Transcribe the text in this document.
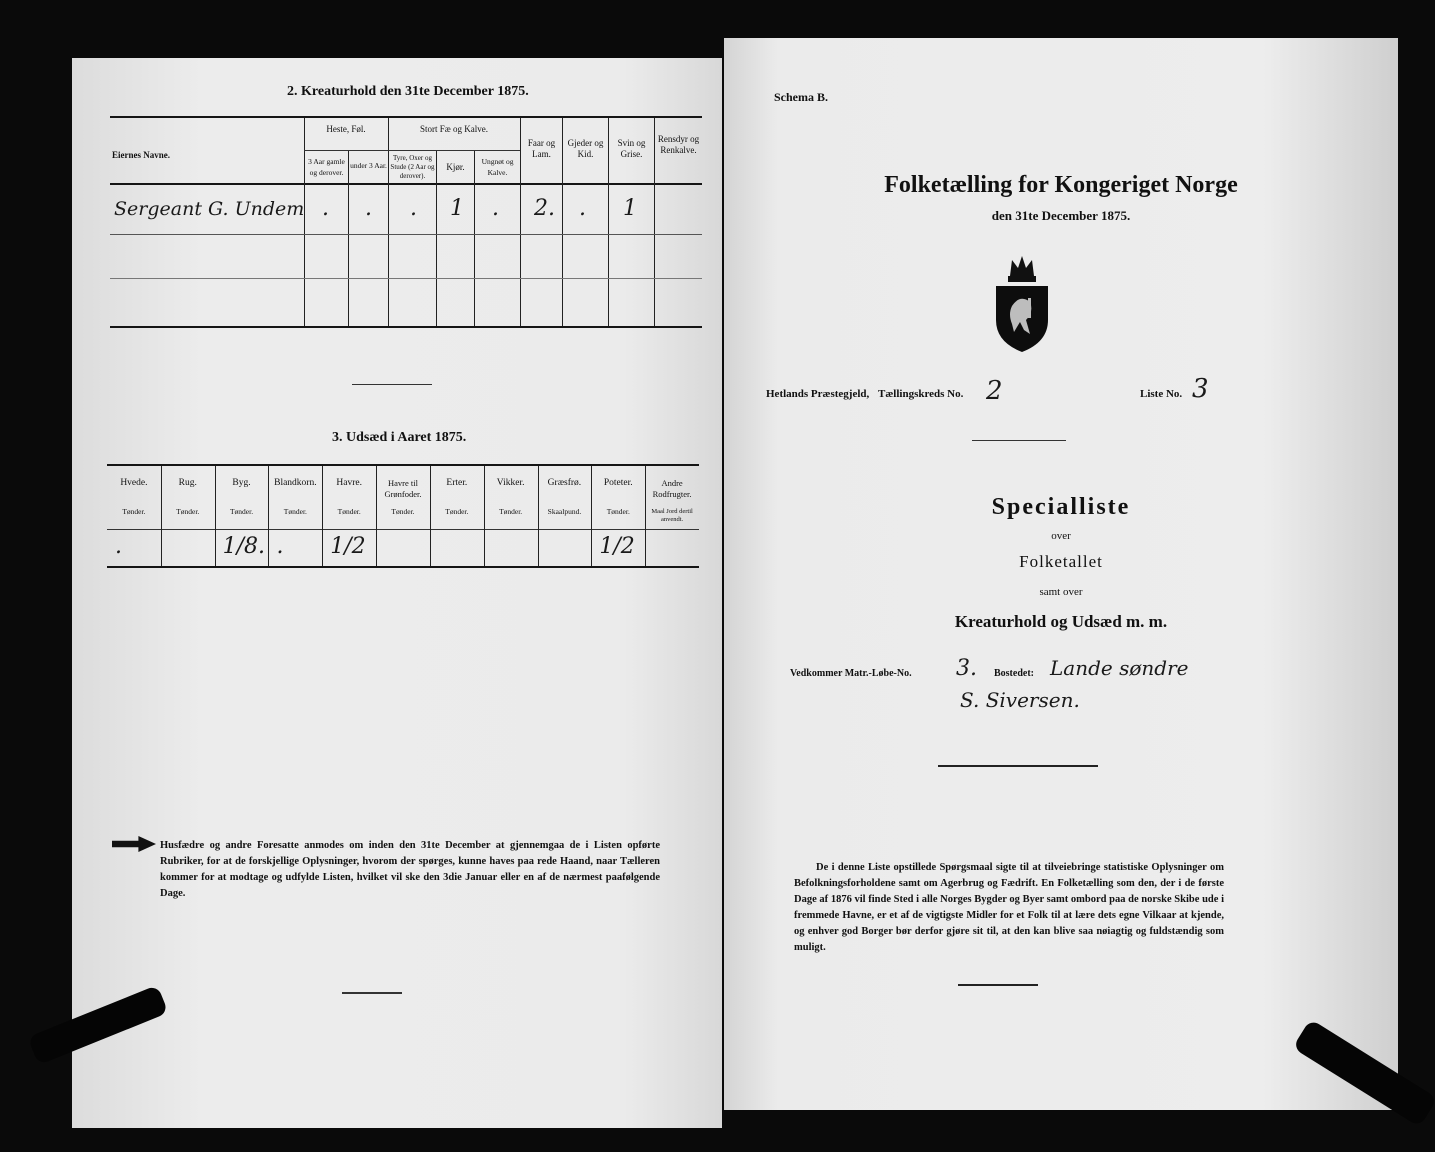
2. Kreaturhold den 31te December 1875.
Eiernes Navne.
Heste, Føl.	Stort Fæ og Kalve.
3 Aar gamle og derover.
under 3 Aar.
Tyre, Oxer og Stude (2 Aar og derover).
Kjør.
Ungnøt og Kalve.
Faar og Lam.
Gjeder og Kid.
Svin og Grise.
Rensdyr og Renkalve.
Sergeant G. Undem . . . 1 . 2. . 1
3. Udsæd i Aaret 1875.
Husfædre og andre Foresatte anmodes om inden den 31te December at gjennemgaa de i Listen opførte Rubriker, for at de forskjellige Oplysninger, hvorom der spørges, kunne haves paa rede Haand, naar Tælleren kommer for at modtage og udfylde Listen, hvilket vil ske den 3die Januar eller en af de nærmest paafølgende Dage.
Hvede.
Tønder.
.
Rug.
Tønder.
Byg.
Tønder.
1/8.
Blandkorn.
Tønder.
.
Havre.
Tønder.
1/2
Havre til Grønfoder.
Tønder.
Erter.
Tønder.
Vikker.
Tønder.
Græsfrø.
Skaalpund.
Poteter.
Tønder.
1/2
Andre Rodfrugter.
Maal Jord dertil anvendt.
Schema B.
Folketælling for Kongeriget Norge
den 31te December 1875.
Hetlands Præstegjeld, Tællingskreds No. 2	Liste No. 3
Specialliste
over
Folketallet
samt over
Kreaturhold og Udsæd m. m.
Vedkommer Matr.-Løbe-No. 3. Bostedet: Lande søndre
S. Siversen.
De i denne Liste opstillede Spørgsmaal sigte til at tilveiebringe statistiske Oplysninger om Befolkningsforholdene samt om Agerbrug og Fædrift. En Folketælling som den, der i de første Dage af 1876 vil finde Sted i alle Norges Bygder og Byer samt ombord paa de norske Skibe ude i fremmede Havne, er et af de vigtigste Midler for et Folk til at lære dets egne Vilkaar at kjende, og enhver god Borger bør derfor gjøre sit til, at den kan blive saa nøiagtig og fuldstændig som muligt.
